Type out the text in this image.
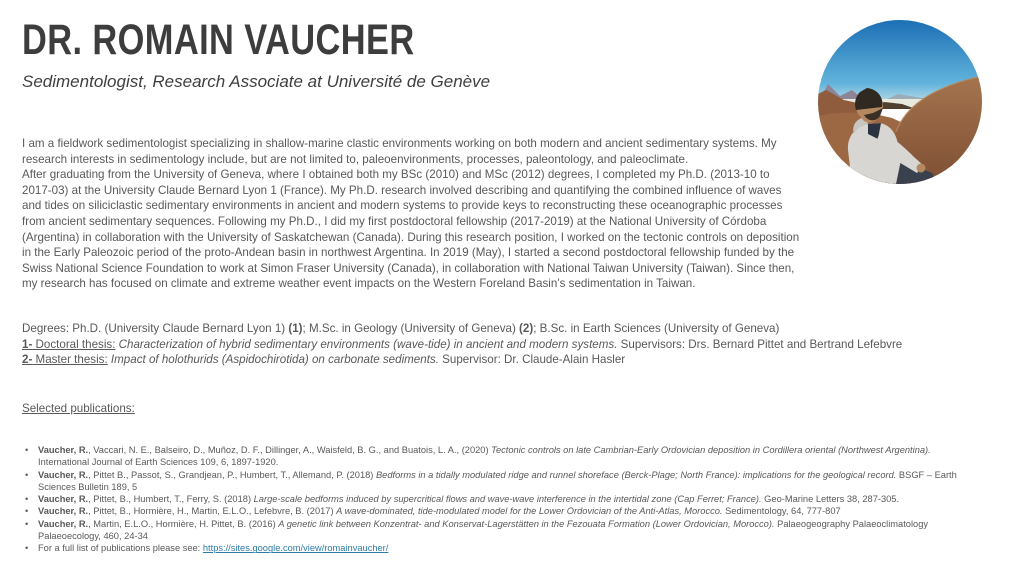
DR. ROMAIN VAUCHER
Sedimentologist, Research Associate at Université de Genève
I am a fieldwork sedimentologist specializing in shallow-marine clastic environments working on both modern and ancient sedimentary systems. My research interests in sedimentology include, but are not limited to, paleoenvironments, processes, paleontology, and paleoclimate.
After graduating from the University of Geneva, where I obtained both my BSc (2010) and MSc (2012) degrees, I completed my Ph.D. (2013-10 to 2017-03) at the University Claude Bernard Lyon 1 (France). My Ph.D. research involved describing and quantifying the combined influence of waves and tides on siliciclastic sedimentary environments in ancient and modern systems to provide keys to reconstructing these oceanographic processes from ancient sedimentary sequences. Following my Ph.D., I did my first postdoctoral fellowship (2017-2019) at the National University of Córdoba (Argentina) in collaboration with the University of Saskatchewan (Canada). During this research position, I worked on the tectonic controls on deposition in the Early Paleozoic period of the proto-Andean basin in northwest Argentina. In 2019 (May), I started a second postdoctoral fellowship funded by the Swiss National Science Foundation to work at Simon Fraser University (Canada), in collaboration with National Taiwan University (Taiwan). Since then, my research has focused on climate and extreme weather event impacts on the Western Foreland Basin’s sedimentation in Taiwan.
Degrees: Ph.D. (University Claude Bernard Lyon 1) (1); M.Sc. in Geology (University of Geneva) (2); B.Sc. in Earth Sciences (University of Geneva)
1- Doctoral thesis: Characterization of hybrid sedimentary environments (wave-tide) in ancient and modern systems. Supervisors: Drs. Bernard Pittet and Bertrand Lefebvre
2- Master thesis: Impact of holothurids (Aspidochirotida) on carbonate sediments. Supervisor: Dr. Claude-Alain Hasler
Selected publications:
• Vaucher, R., Vaccari, N. E., Balseiro, D., Muñoz, D. F., Dillinger, A., Waisfeld, B. G., and Buatois, L. A., (2020) Tectonic controls on late Cambrian-Early Ordovician deposition in Cordillera oriental (Northwest Argentina). International Journal of Earth Sciences 109, 6, 1897-1920.
• Vaucher, R., Pittet B., Passot, S., Grandjean, P., Humbert, T., Allemand, P. (2018) Bedforms in a tidally modulated ridge and runnel shoreface (Berck-Plage; North France): implications for the geological record. BSGF – Earth Sciences Bulletin 189, 5
• Vaucher, R., Pittet, B., Humbert, T., Ferry, S. (2018) Large-scale bedforms induced by supercritical flows and wave-wave interference in the intertidal zone (Cap Ferret; France). Geo-Marine Letters 38, 287-305.
• Vaucher, R., Pittet, B., Hormière, H., Martin, E.L.O., Lefebvre, B. (2017) A wave-dominated, tide-modulated model for the Lower Ordovician of the Anti-Atlas, Morocco. Sedimentology, 64, 777-807
• Vaucher, R., Martin, E.L.O., Hormière, H. Pittet, B. (2016) A genetic link between Konzentrat- and Konservat-Lagerstätten in the Fezouata Formation (Lower Ordovician, Morocco). Palaeogeography Palaeoclimatology Palaeoecology, 460, 24-34
• For a full list of publications please see: https://sites.google.com/view/romainvaucher/
